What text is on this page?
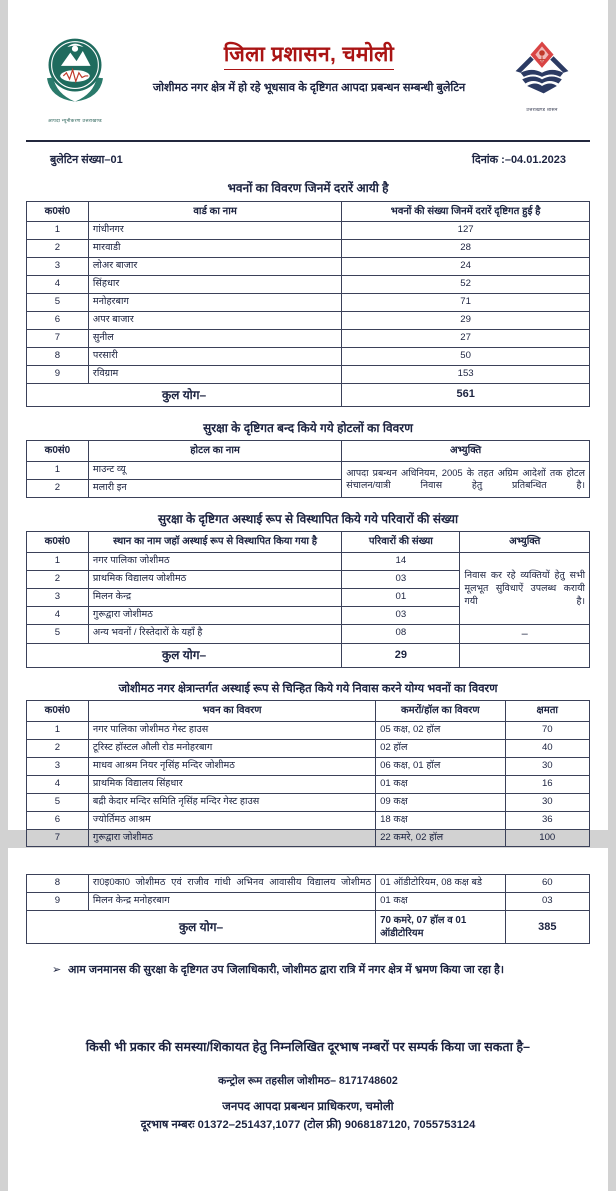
आपदा न्यूनीकरण उत्तराखण्ड
जिला प्रशासन, चमोली
जोशीमठ नगर क्षेत्र में हो रहे भूधसाव के दृष्टिगत आपदा प्रबन्धन सम्बन्धी बुलेटिन
उत्तराखण्ड शासन
बुलेटिन संख्या–01	दिनांक :–04.01.2023
भवनों का विवरण जिनमें दरारें आयी है
क0सं0	वार्ड का नाम	भवनों की संख्या जिनमें दरारें दृष्टिगत हुई है
1	गांधीनगर	127
2	मारवाडी	28
3	लोअर बाजार	24
4	सिंहधार	52
5	मनोहरबाग	71
6	अपर बाजार	29
7	सुनील	27
8	परसारी	50
9	रविग्राम	153
कुल योग–		561
सुरक्षा के दृष्टिगत बन्द किये गये होटलों का विवरण
क0सं0	होटल का नाम	अभ्युक्ति
1	माउन्ट व्यू	आपदा प्रबन्धन अधिनियम, 2005 के तहत अग्रिम आदेशों तक होटल संचालन/यात्री निवास हेतु प्रतिबन्धित है।
2	मलारी इन	
सुरक्षा के दृष्टिगत अस्थाई रूप से विस्थापित किये गये परिवारों की संख्या
क0सं0	स्थान का नाम जहॉ अस्थाई रूप से विस्थापित किया गया है	परिवारों की संख्या	अभ्युक्ति
1	नगर पालिका जोशीमठ	14	निवास कर रहे व्यक्तियों हेतु सभी मूलभूत सुविधाऐं उपलब्ध करायी गयी है।
2	प्राथमिक विद्यालय जोशीमठ	03	
3	मिलन केन्द्र	01	
4	गुरूद्वारा जोशीमठ	03	
5	अन्य भवनों / रिस्तेदारों के यहाँ है	08	–
कुल योग–		29	
जोशीमठ नगर क्षेत्रान्तर्गत अस्थाई रूप से चिन्हित किये गये निवास करने योग्य भवनों का विवरण
क0सं0	भवन का विवरण	कमरों/हॉल का विवरण	क्षमता
1	नगर पालिका जोशीमठ गेस्ट हाउस	05 कक्ष, 02 हॉल	70
2	टूरिस्ट हॉस्टल औली रोड मनोहरबाग	02 हॉल	40
3	माधव आश्रम नियर नृसिंह मन्दिर जोशीमठ	06 कक्ष, 01 हॉल	30
4	प्राथमिक विद्यालय सिंहधार	01 कक्ष	16
5	बद्री केदार मन्दिर समिति नृसिंह मन्दिर गेस्ट हाउस	09 कक्ष	30
6	ज्योर्तिमठ आश्रम	18 कक्ष	36
7	गुरूद्वारा जोशीमठ	22 कमरे, 02 हॉल	100
8	रा0इ0का0 जोशीमठ एवं राजीव गांधी अभिनव आवासीय विद्यालय जोशीमठ	01 ऑडीटोरियम, 08 कक्ष बडे	60
9	मिलन केन्द्र मनोहरबाग	01 कक्ष	03
कुल योग–		70 कमरे, 07 हॉल व 01 ऑडीटोरियम	385
➢ आम जनमानस की सुरक्षा के दृष्टिगत उप जिलाधिकारी, जोशीमठ द्वारा रात्रि में नगर क्षेत्र में भ्रमण किया जा रहा है।
किसी भी प्रकार की समस्या/शिकायत हेतु निम्नलिखित दूरभाष नम्बरों पर सम्पर्क किया जा सकता है–
कन्ट्रोल रूम तहसील जोशीमठ– 8171748602
जनपद आपदा प्रबन्धन प्राधिकरण, चमोली
दूरभाष नम्बरः 01372–251437,1077 (टोल फ्री) 9068187120, 7055753124
